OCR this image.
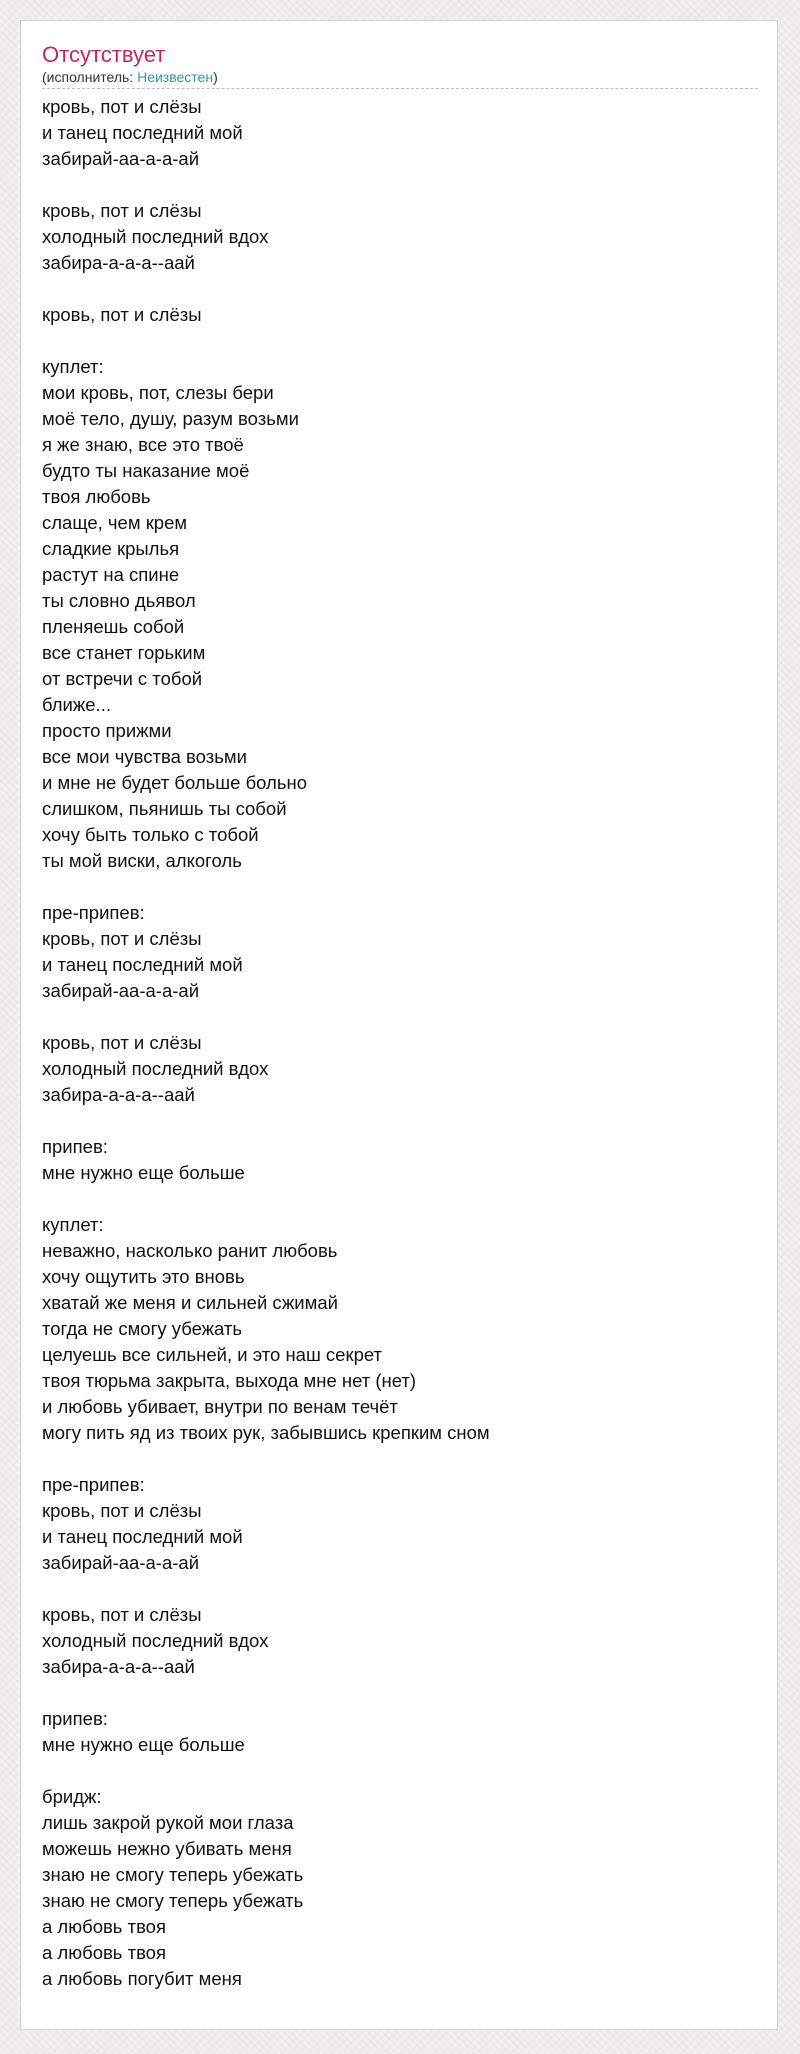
Отсутствует
(исполнитель: Неизвестен)
кровь, пот и слёзы
и танец последний мой
забирай-аа-а-а-ай
кровь, пот и слёзы
холодный последний вдох
забира-а-а-а--аай
кровь, пот и слёзы
куплет:
мои кровь, пот, слезы бери
моё тело, душу, разум возьми
я же знаю, все это твоё
будто ты наказание моё
твоя любовь
слаще, чем крем
сладкие крылья
растут на спине
ты словно дьявол
пленяешь собой
все станет горьким
от встречи с тобой
ближе...
просто прижми
все мои чувства возьми
и мне не будет больше больно
слишком, пьянишь ты собой
хочу быть только с тобой
ты мой виски, алкоголь
пре-припев:
кровь, пот и слёзы
и танец последний мой
забирай-аа-а-а-ай
кровь, пот и слёзы
холодный последний вдох
забира-а-а-а--аай
припев:
мне нужно еще больше
куплет:
неважно, насколько ранит любовь
хочу ощутить это вновь
хватай же меня и сильней сжимай
тогда не смогу убежать
целуешь все сильней, и это наш секрет
твоя тюрьма закрыта, выхода мне нет (нет)
и любовь убивает, внутри по венам течёт
могу пить яд из твоих рук, забывшись крепким сном
пре-припев:
кровь, пот и слёзы
и танец последний мой
забирай-аа-а-а-ай
кровь, пот и слёзы
холодный последний вдох
забира-а-а-а--аай
припев:
мне нужно еще больше
бридж:
лишь закрой рукой мои глаза
можешь нежно убивать меня
знаю не смогу теперь убежать
знаю не смогу теперь убежать
а любовь твоя
а любовь твоя
а любовь погубит меня
